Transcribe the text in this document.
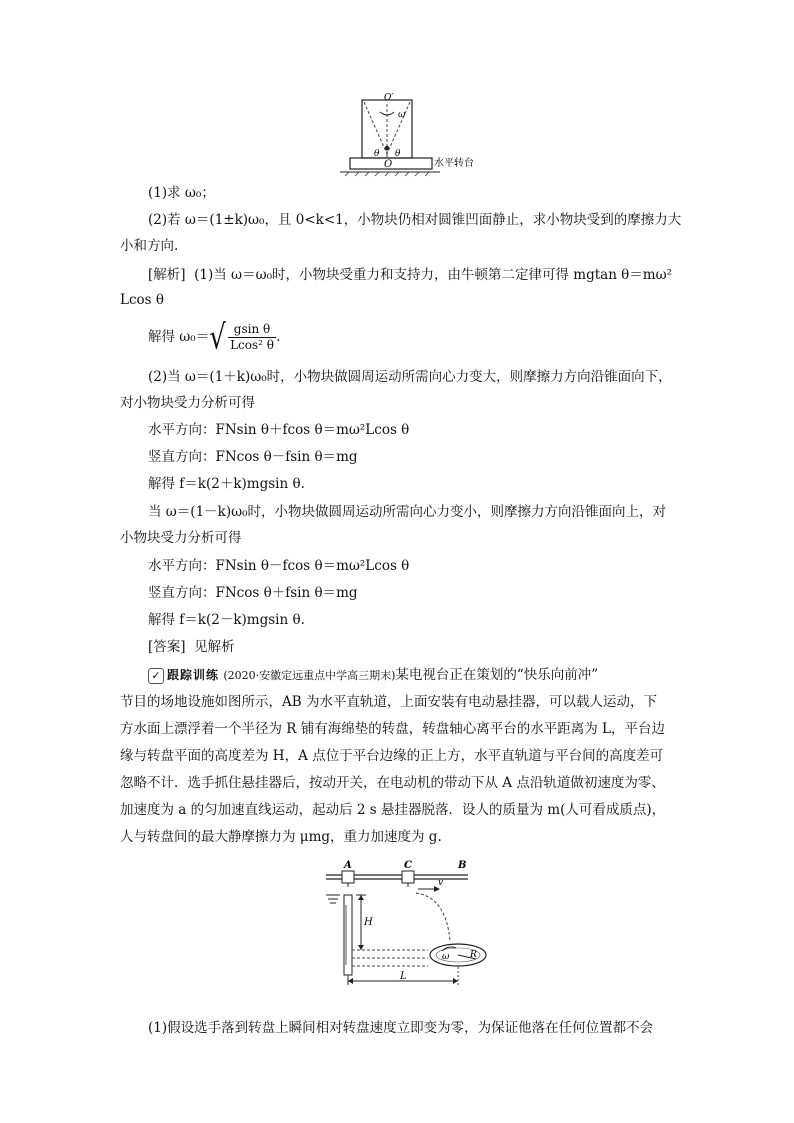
O′
ω
θ θ
O	水平转台
(1)求 ω₀；
(2)若 ω＝(1±k)ω₀，且 0<k<1，小物块仍相对圆锥凹面静止，求小物块受到的摩擦力大
小和方向.
[解析] (1)当 ω＝ω₀时，小物块受重力和支持力，由牛顿第二定律可得 mgtan θ＝mω²
Lcos θ
解得 $\omega_0=√ \frac{\text{gsin θ}}{\text{Lcos² θ}}$ .
(2)当 ω＝(1＋k)ω₀时，小物块做圆周运动所需向心力变大，则摩擦力方向沿锥面向下，
对小物块受力分析可得
水平方向：FNsin θ＋fcos θ＝mω²Lcos θ
竖直方向：FNcos θ－fsin θ＝mg
解得 f＝k(2＋k)mgsin θ.
当 ω＝(1－k)ω₀时，小物块做圆周运动所需向心力变小，则摩擦力方向沿锥面向上，对
小物块受力分析可得
水平方向：FNsin θ－fcos θ＝mω²Lcos θ
竖直方向：FNcos θ＋fsin θ＝mg
解得 f＝k(2－k)mgsin θ.
[答案] 见解析
✓ 跟踪训练 (2020·安徽定远重点中学高三期末)某电视台正在策划的“快乐向前冲”
节目的场地设施如图所示，AB 为水平直轨道，上面安装有电动悬挂器，可以载人运动，下
方水面上漂浮着一个半径为 R 铺有海绵垫的转盘，转盘轴心离平台的水平距离为 L，平台边
缘与转盘平面的高度差为 H，A 点位于平台边缘的正上方，水平直轨道与平台间的高度差可
忽略不计．选手抓住悬挂器后，按动开关，在电动机的带动下从 A 点沿轨道做初速度为零、
加速度为 a 的匀加速直线运动，起动后 2 s 悬挂器脱落．设人的质量为 m(人可看成质点)，
人与转盘间的最大静摩擦力为 μmg，重力加速度为 g.
A	C	B
v
H
ω R
L
(1)假设选手落到转盘上瞬间相对转盘速度立即变为零，为保证他落在任何位置都不会
